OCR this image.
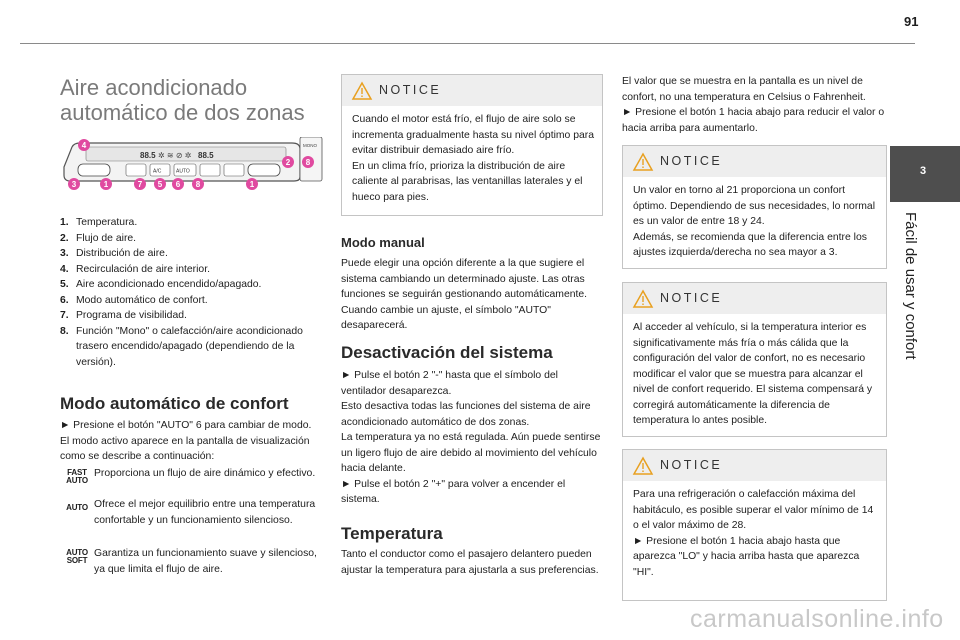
91
3
Fácil de usar y confort
Aire acondicionado
automático de dos zonas
88.5	88.5
✲ ≋ ⊘ ✲
A/C	AUTO
MONO
4
2 8
3	1	7 5 6 8	1
1. Temperatura.
2. Flujo de aire.
3. Distribución de aire.
4. Recirculación de aire interior.
5. Aire acondicionado encendido/apagado.
6. Modo automático de confort.
7. Programa de visibilidad.
8. Función "Mono" o calefacción/aire acondicionado trasero encendido/apagado (dependiendo de la versión).
Modo automático de confort
► Presione el botón "AUTO" 6 para cambiar de modo. El modo activo aparece en la pantalla de visualización como se describe a continuación:
FAST
AUTO
Proporciona un flujo de aire dinámico y efectivo.
AUTO Ofrece el mejor equilibrio entre una temperatura confortable y un funcionamiento silencioso.
AUTO
SOFT
Garantiza un funcionamiento suave y silencioso, ya que limita el flujo de aire.
NOTICE
Cuando el motor está frío, el flujo de aire solo se incrementa gradualmente hasta su nivel óptimo para evitar distribuir demasiado aire frío.
En un clima frío, prioriza la distribución de aire caliente al parabrisas, las ventanillas laterales y el hueco para pies.
Modo manual
Puede elegir una opción diferente a la que sugiere el sistema cambiando un determinado ajuste. Las otras funciones se seguirán gestionando automáticamente.
Cuando cambie un ajuste, el símbolo "AUTO" desaparecerá.
Desactivación del sistema
► Pulse el botón 2 "-" hasta que el símbolo del ventilador desaparezca.
Esto desactiva todas las funciones del sistema de aire acondicionado automático de dos zonas.
La temperatura ya no está regulada. Aún puede sentirse un ligero flujo de aire debido al movimiento del vehículo hacia delante.
► Pulse el botón 2 "+" para volver a encender el sistema.
Temperatura
Tanto el conductor como el pasajero delantero pueden ajustar la temperatura para ajustarla a sus preferencias.
El valor que se muestra en la pantalla es un nivel de confort, no una temperatura en Celsius o Fahrenheit.
► Presione el botón 1 hacia abajo para reducir el valor o hacia arriba para aumentarlo.
NOTICE
Un valor en torno al 21 proporciona un confort óptimo. Dependiendo de sus necesidades, lo normal es un valor de entre 18 y 24.
Además, se recomienda que la diferencia entre los ajustes izquierda/derecha no sea mayor a 3.
NOTICE
Al acceder al vehículo, si la temperatura interior es significativamente más fría o más cálida que la configuración del valor de confort, no es necesario modificar el valor que se muestra para alcanzar el nivel de confort requerido. El sistema compensará y corregirá automáticamente la diferencia de temperatura lo antes posible.
NOTICE
Para una refrigeración o calefacción máxima del habitáculo, es posible superar el valor mínimo de 14 o el valor máximo de 28.
► Presione el botón 1 hacia abajo hasta que aparezca "LO" y hacia arriba hasta que aparezca "HI".
carmanualsonline.info
